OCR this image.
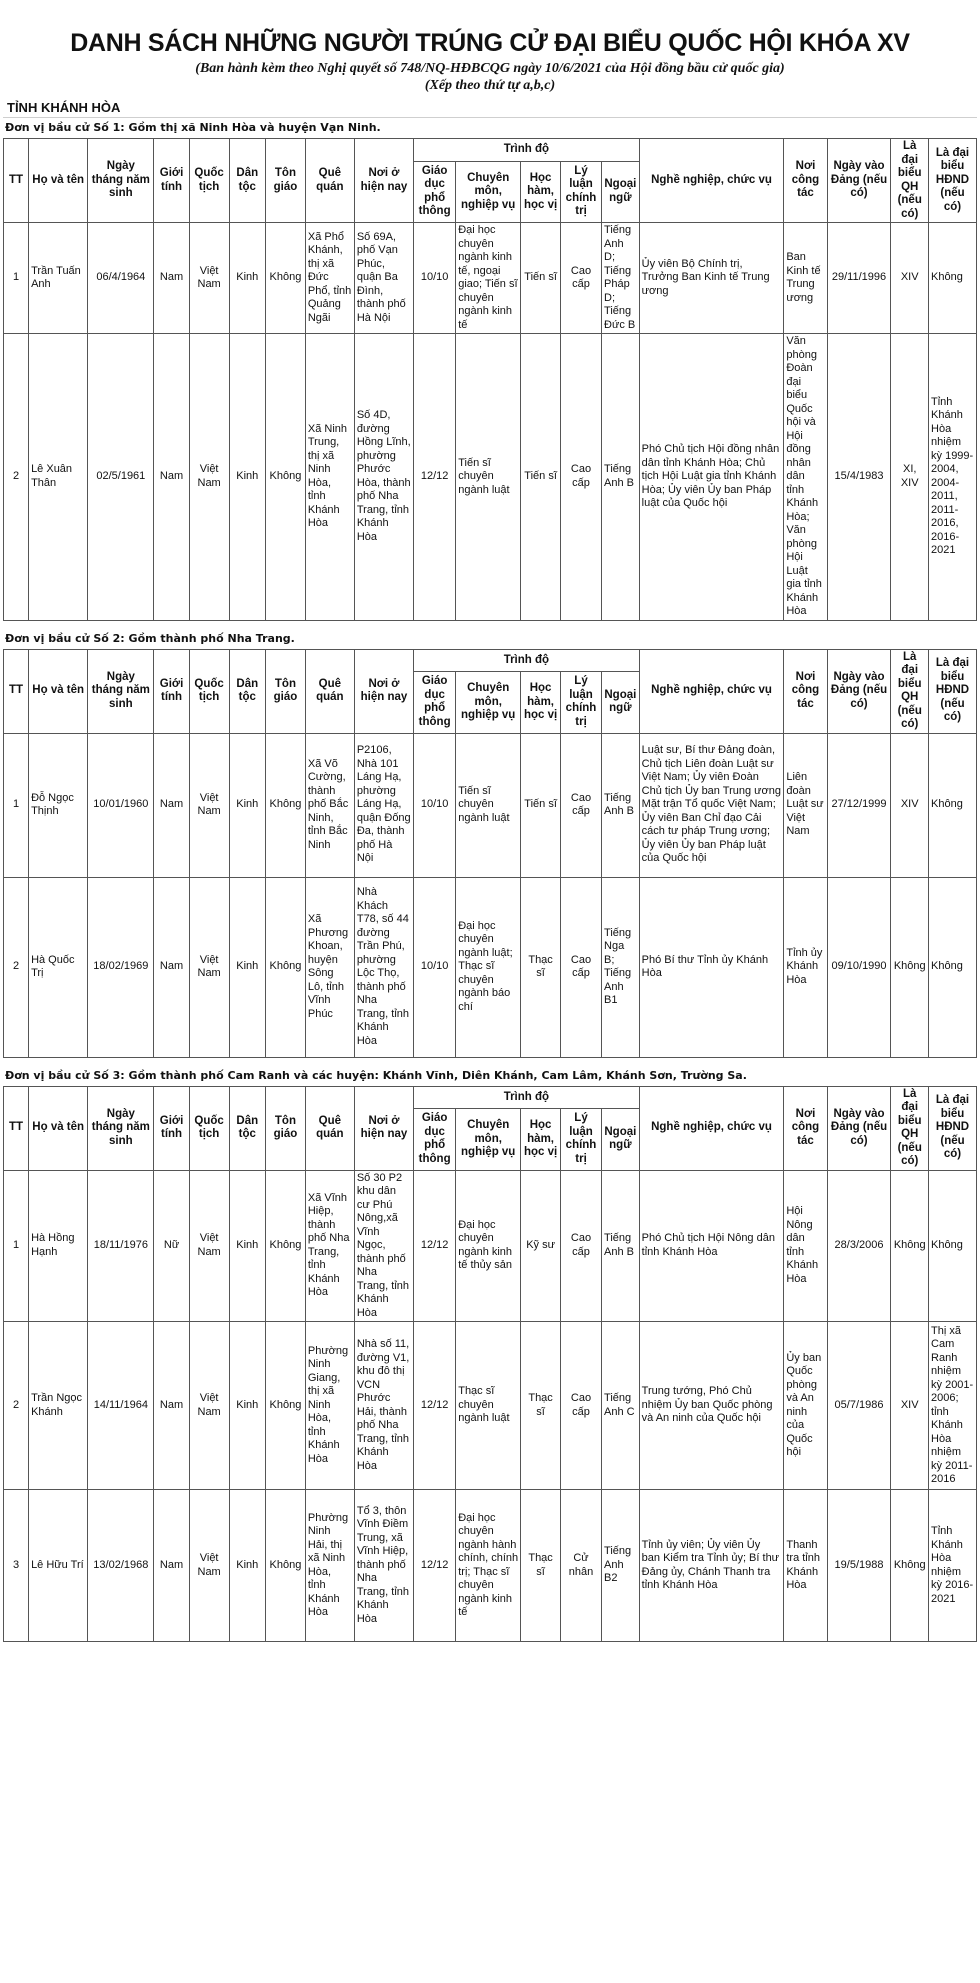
DANH SÁCH NHỮNG NGƯỜI TRÚNG CỬ ĐẠI BIỂU QUỐC HỘI KHÓA XV
(Ban hành kèm theo Nghị quyết số 748/NQ-HĐBCQG ngày 10/6/2021 của Hội đồng bầu cử quốc gia)
(Xếp theo thứ tự a,b,c)
TỈNH KHÁNH HÒA
Đơn vị bầu cử Số 1: Gồm thị xã Ninh Hòa và huyện Vạn Ninh.
TT	Họ và tên	Ngày tháng năm sinh	Giới tính	Quốc tịch	Dân tộc	Tôn giáo	Quê quán	Nơi ở hiện nay	Trình độ					Nghề nghiệp, chức vụ	Nơi công tác	Ngày vào Đảng (nếu có)	Là đại biểu QH (nếu có)	Là đại biểu HĐND (nếu có)
									Giáo dục phổ thông	Chuyên môn, nghiệp vụ	Học hàm, học vị	Lý luận chính trị	Ngoại ngữ					
1	Trần Tuấn Anh	06/4/1964	Nam	Việt Nam	Kinh	Không	Xã Phổ Khánh, thị xã Đức Phổ, tỉnh Quảng Ngãi	Số 69A, phố Vạn Phúc, quận Ba Đình, thành phố Hà Nội	10/10	Đại học chuyên ngành kinh tế, ngoại giao; Tiến sĩ chuyên ngành kinh tế	Tiến sĩ	Cao cấp	Tiếng Anh D; Tiếng Pháp D; Tiếng Đức B	Ủy viên Bộ Chính trị, Trưởng Ban Kinh tế Trung ương	Ban Kinh tế Trung ương	29/11/1996	XIV	Không
2	Lê Xuân Thân	02/5/1961	Nam	Việt Nam	Kinh	Không	Xã Ninh Trung, thị xã Ninh Hòa, tỉnh Khánh Hòa	Số 4D, đường Hồng Lĩnh, phường Phước Hòa, thành phố Nha Trang, tỉnh Khánh Hòa	12/12	Tiến sĩ chuyên ngành luật	Tiến sĩ	Cao cấp	Tiếng Anh B	Phó Chủ tịch Hội đồng nhân dân tỉnh Khánh Hòa; Chủ tịch Hội Luật gia tỉnh Khánh Hòa; Ủy viên Ủy ban Pháp luật của Quốc hội	Văn phòng Đoàn đại biểu Quốc hội và Hội đồng nhân dân tỉnh Khánh Hòa; Văn phòng Hội Luật gia tỉnh Khánh Hòa	15/4/1983	XI, XIV	Tỉnh Khánh Hòa nhiệm kỳ 1999-2004, 2004-2011, 2011-2016, 2016-2021
Đơn vị bầu cử Số 2: Gồm thành phố Nha Trang.
TT	Họ và tên	Ngày tháng năm sinh	Giới tính	Quốc tịch	Dân tộc	Tôn giáo	Quê quán	Nơi ở hiện nay	Trình độ					Nghề nghiệp, chức vụ	Nơi công tác	Ngày vào Đảng (nếu có)	Là đại biểu QH (nếu có)	Là đại biểu HĐND (nếu có)
									Giáo dục phổ thông	Chuyên môn, nghiệp vụ	Học hàm, học vị	Lý luận chính trị	Ngoại ngữ					
1	Đỗ Ngọc Thịnh	10/01/1960	Nam	Việt Nam	Kinh	Không	Xã Võ Cường, thành phố Bắc Ninh, tỉnh Bắc Ninh	P2106, Nhà 101 Láng Hạ, phường Láng Hạ, quận Đống Đa, thành phố Hà Nội	10/10	Tiến sĩ chuyên ngành luật	Tiến sĩ	Cao cấp	Tiếng Anh B	Luật sư, Bí thư Đảng đoàn, Chủ tịch Liên đoàn Luật sư Việt Nam; Ủy viên Đoàn Chủ tịch Ủy ban Trung ương Mặt trận Tổ quốc Việt Nam; Ủy viên Ban Chỉ đạo Cải cách tư pháp Trung ương; Ủy viên Ủy ban Pháp luật của Quốc hội	Liên đoàn Luật sư Việt Nam	27/12/1999	XIV	Không
2	Hà Quốc Trị	18/02/1969	Nam	Việt Nam	Kinh	Không	Xã Phương Khoan, huyện Sông Lô, tỉnh Vĩnh Phúc	Nhà Khách T78, số 44 đường Trần Phú, phường Lộc Thọ, thành phố Nha Trang, tỉnh Khánh Hòa	10/10	Đại học chuyên ngành luật; Thạc sĩ chuyên ngành báo chí	Thạc sĩ	Cao cấp	Tiếng Nga B; Tiếng Anh B1	Phó Bí thư Tỉnh ủy Khánh Hòa	Tỉnh ủy Khánh Hòa	09/10/1990	Không	Không
Đơn vị bầu cử Số 3: Gồm thành phố Cam Ranh và các huyện: Khánh Vĩnh, Diên Khánh, Cam Lâm, Khánh Sơn, Trường Sa.
TT	Họ và tên	Ngày tháng năm sinh	Giới tính	Quốc tịch	Dân tộc	Tôn giáo	Quê quán	Nơi ở hiện nay	Trình độ					Nghề nghiệp, chức vụ	Nơi công tác	Ngày vào Đảng (nếu có)	Là đại biểu QH (nếu có)	Là đại biểu HĐND (nếu có)
									Giáo dục phổ thông	Chuyên môn, nghiệp vụ	Học hàm, học vị	Lý luận chính trị	Ngoại ngữ					
1	Hà Hồng Hạnh	18/11/1976	Nữ	Việt Nam	Kinh	Không	Xã Vĩnh Hiệp, thành phố Nha Trang, tỉnh Khánh Hòa	Số 30 P2 khu dân cư Phú Nông,xã Vĩnh Ngọc, thành phố Nha Trang, tỉnh Khánh Hòa	12/12	Đại học chuyên ngành kinh tế thủy sản	Kỹ sư	Cao cấp	Tiếng Anh B	Phó Chủ tịch Hội Nông dân tỉnh Khánh Hòa	Hội Nông dân tỉnh Khánh Hòa	28/3/2006	Không	Không
2	Trần Ngọc Khánh	14/11/1964	Nam	Việt Nam	Kinh	Không	Phường Ninh Giang, thị xã Ninh Hòa, tỉnh Khánh Hòa	Nhà số 11, đường V1, khu đô thị VCN Phước Hải, thành phố Nha Trang, tỉnh Khánh Hòa	12/12	Thạc sĩ chuyên ngành luật	Thạc sĩ	Cao cấp	Tiếng Anh C	Trung tướng, Phó Chủ nhiệm Ủy ban Quốc phòng và An ninh của Quốc hội	Ủy ban Quốc phòng và An ninh của Quốc hội	05/7/1986	XIV	Thị xã Cam Ranh nhiệm kỳ 2001-2006; tỉnh Khánh Hòa nhiệm kỳ 2011-2016
3	Lê Hữu Trí	13/02/1968	Nam	Việt Nam	Kinh	Không	Phường Ninh Hải, thị xã Ninh Hòa, tỉnh Khánh Hòa	Tổ 3, thôn Vĩnh Điềm Trung, xã Vĩnh Hiệp, thành phố Nha Trang, tỉnh Khánh Hòa	12/12	Đại học chuyên ngành hành chính, chính trị; Thạc sĩ chuyên ngành kinh tế	Thạc sĩ	Cử nhân	Tiếng Anh B2	Tỉnh ủy viên; Ủy viên Ủy ban Kiểm tra Tỉnh ủy; Bí thư Đảng ủy, Chánh Thanh tra tỉnh Khánh Hòa	Thanh tra tỉnh Khánh Hòa	19/5/1988	Không	Tỉnh Khánh Hòa nhiệm kỳ 2016-2021
